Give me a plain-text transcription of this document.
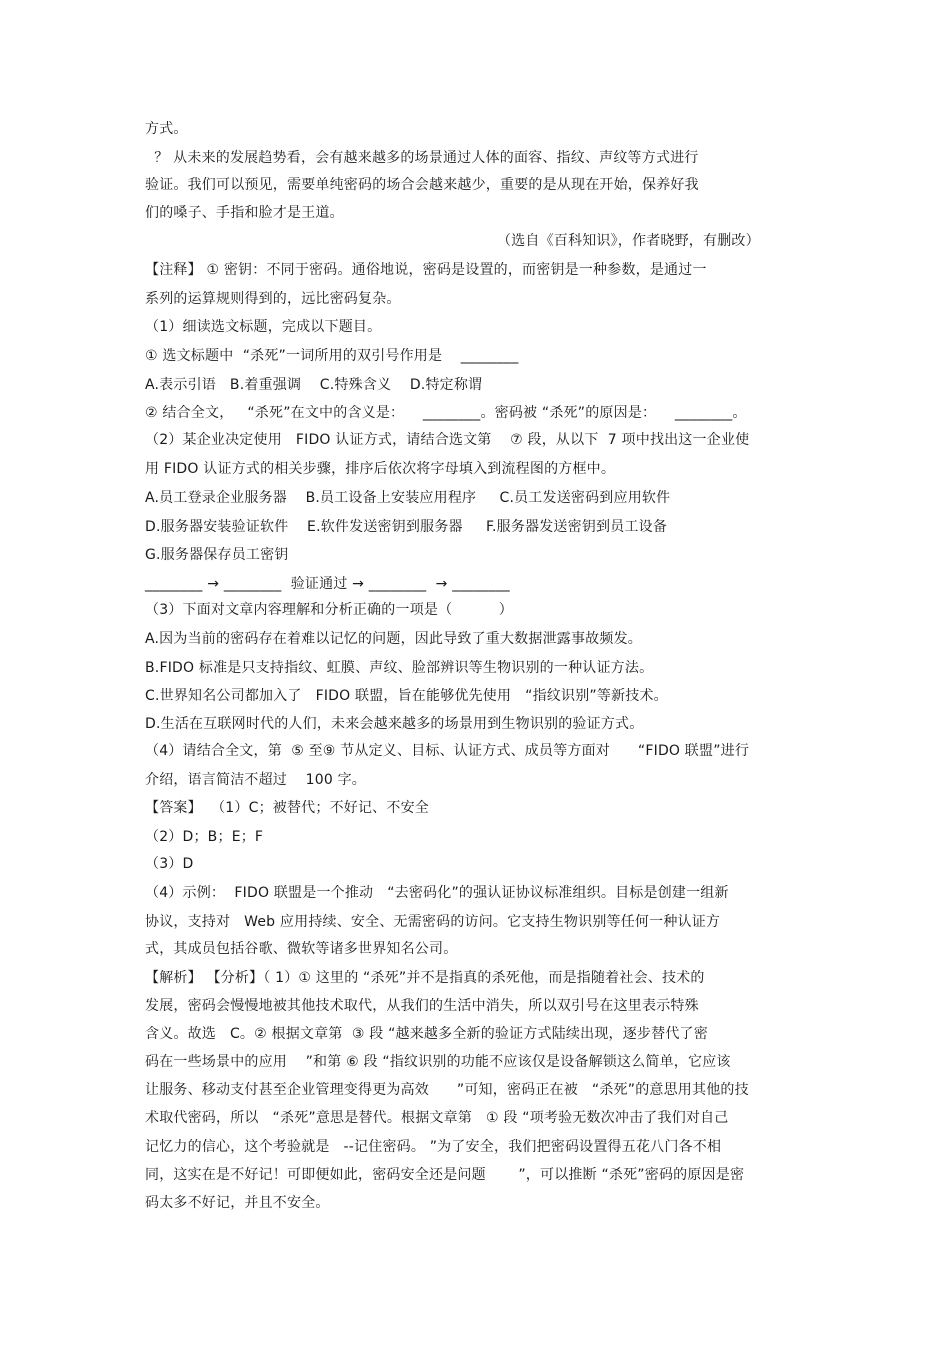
方式。
？ 从未来的发展趋势看，会有越来越多的场景通过人体的面容、指纹、声纹等方式进行
验证。我们可以预见，需要单纯密码的场合会越来越少，重要的是从现在开始，保养好我
们的嗓子、手指和脸才是王道。
（选自《百科知识》，作者晓野，有删改）
【注释】 ① 密钥：不同于密码。通俗地说，密码是设置的，而密钥是一种参数，是通过一
系列的运算规则得到的，远比密码复杂。
（1）细读选文标题，完成以下题目。
① 选文标题中  “杀死”一词所用的双引号作用是    ________
A.表示引语   B.着重强调    C.特殊含义    D.特定称谓
② 结合全文，   “杀死”在文中的含义是：    ________。密码被 “杀死”的原因是：    ________。
（2）某企业决定使用   FIDO 认证方式，请结合选文第    ⑦ 段，从以下  7 项中找出这一企业使
用 FIDO 认证方式的相关步骤，排序后依次将字母填入到流程图的方框中。
A.员工登录企业服务器    B.员工设备上安装应用程序     C.员工发送密码到应用软件
D.服务器安装验证软件    E.软件发送密钥到服务器     F.服务器发送密钥到员工设备
G.服务器保存员工密钥
________ → ________  验证通过 → ________  → ________
（3）下面对文章内容理解和分析正确的一项是（          ）
A.因为当前的密码存在着难以记忆的问题，因此导致了重大数据泄露事故频发。
B.FIDO 标准是只支持指纹、虹膜、声纹、脸部辨识等生物识别的一种认证方法。
C.世界知名公司都加入了   FIDO 联盟，旨在能够优先使用   “指纹识别”等新技术。
D.生活在互联网时代的人们，未来会越来越多的场景用到生物识别的验证方式。
（4）请结合全文，第  ⑤ 至⑨ 节从定义、目标、认证方式、成员等方面对      “FIDO 联盟”进行
介绍，语言简洁不超过    100 字。
【答案】  （1）C；被替代；不好记、不安全
（2）D；B；E；F
（3）D
（4）示例：  FIDO 联盟是一个推动   “去密码化”的强认证协议标准组织。目标是创建一组新
协议，支持对   Web 应用持续、安全、无需密码的访问。它支持生物识别等任何一种认证方
式，其成员包括谷歌、微软等诸多世界知名公司。
【解析】 【分析】（ 1）① 这里的 “杀死”并不是指真的杀死他，而是指随着社会、技术的
发展，密码会慢慢地被其他技术取代，从我们的生活中消失，所以双引号在这里表示特殊
含义。故选   C。② 根据文章第  ③ 段 “越来越多全新的验证方式陆续出现，逐步替代了密
码在一些场景中的应用    ”和第 ⑥ 段 “指纹识别的功能不应该仅是设备解锁这么简单，它应该
让服务、移动支付甚至企业管理变得更为高效      ”可知，密码正在被   “杀死”的意思用其他的技
术取代密码，所以   “杀死”意思是替代。根据文章第   ① 段 “项考验无数次冲击了我们对自己
记忆力的信心，这个考验就是   --记住密码。 ”为了安全，我们把密码设置得五花八门各不相
同，这实在是不好记！可即便如此，密码安全还是问题       ”，可以推断 “杀死”密码的原因是密
码太多不好记，并且不安全。
